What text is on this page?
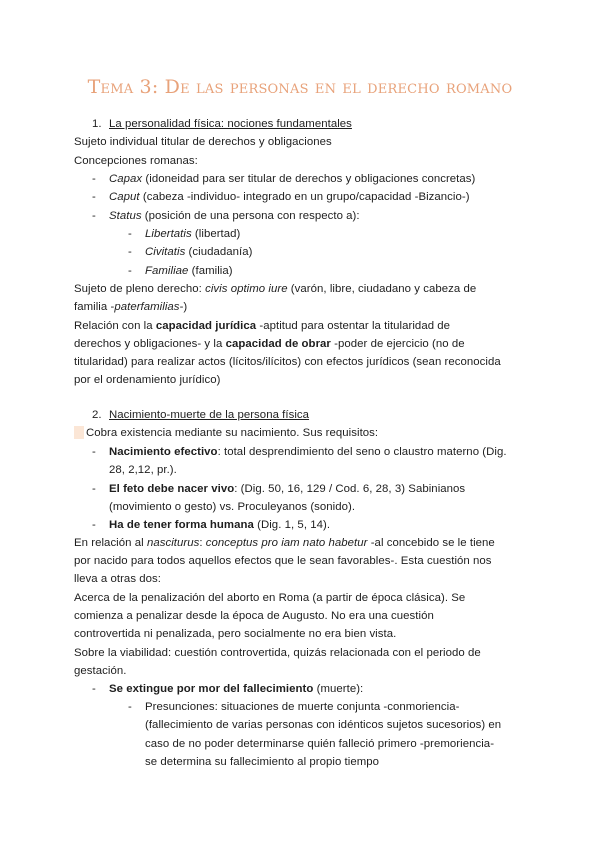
Tema 3: De las personas en el derecho romano
1. La personalidad física: nociones fundamentales
Sujeto individual titular de derechos y obligaciones
Concepciones romanas:
- Capax (idoneidad para ser titular de derechos y obligaciones concretas)
- Caput (cabeza -individuo- integrado en un grupo/capacidad -Bizancio-)
- Status (posición de una persona con respecto a):
- Libertatis (libertad)
- Civitatis (ciudadanía)
- Familiae (familia)
Sujeto de pleno derecho: civis optimo iure (varón, libre, ciudadano y cabeza de
familia -paterfamilias-)
Relación con la capacidad jurídica -aptitud para ostentar la titularidad de
derechos y obligaciones- y la capacidad de obrar -poder de ejercicio (no de
titularidad) para realizar actos (lícitos/ilícitos) con efectos jurídicos (sean reconocida
por el ordenamiento jurídico)
2. Nacimiento-muerte de la persona física
Cobra existencia mediante su nacimiento. Sus requisitos:
- Nacimiento efectivo: total desprendimiento del seno o claustro materno (Dig.
28, 2,12, pr.).
- El feto debe nacer vivo: (Dig. 50, 16, 129 / Cod. 6, 28, 3) Sabinianos
(movimiento o gesto) vs. Proculeyanos (sonido).
- Ha de tener forma humana (Dig. 1, 5, 14).
En relación al nasciturus: conceptus pro iam nato habetur -al concebido se le tiene
por nacido para todos aquellos efectos que le sean favorables-. Esta cuestión nos
lleva a otras dos:
Acerca de la penalización del aborto en Roma (a partir de época clásica). Se
comienza a penalizar desde la época de Augusto. No era una cuestión
controvertida ni penalizada, pero socialmente no era bien vista.
Sobre la viabilidad: cuestión controvertida, quizás relacionada con el periodo de
gestación.
- Se extingue por mor del fallecimiento (muerte):
- Presunciones: situaciones de muerte conjunta -conmoriencia-
(fallecimiento de varias personas con idénticos sujetos sucesorios) en
caso de no poder determinarse quién falleció primero -premoriencia-
se determina su fallecimiento al propio tiempo
